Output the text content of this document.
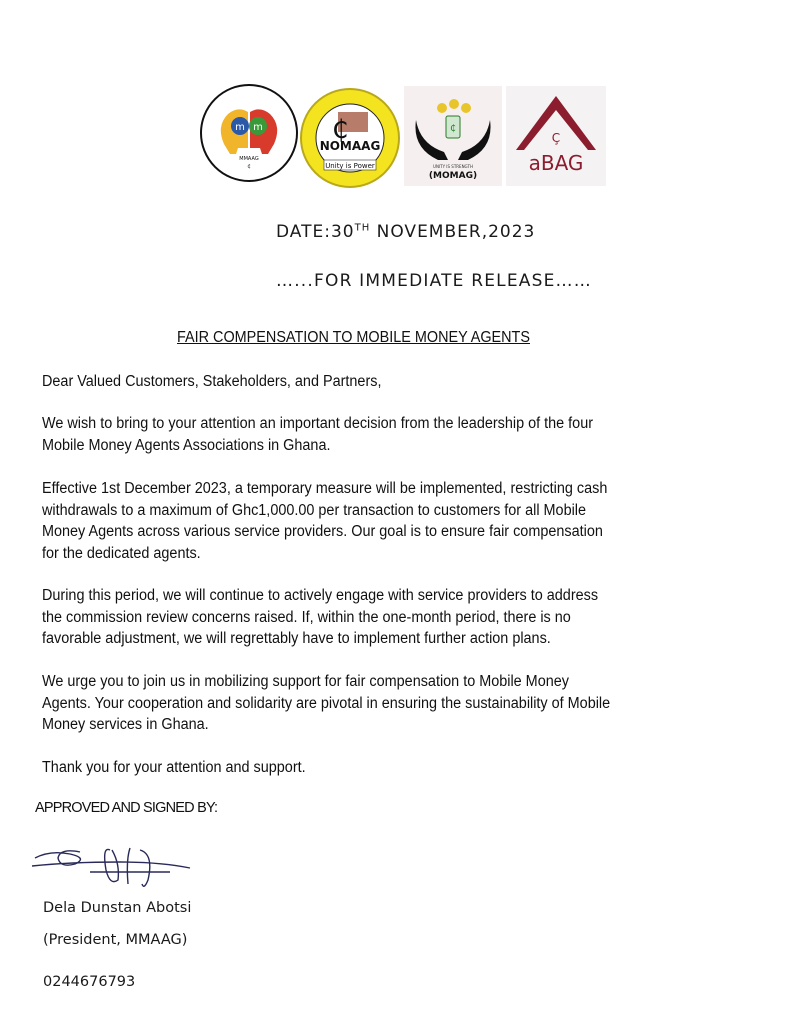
m m
MMAAG
₵
₵
NOMAAG
Unity is Power
₵
UNITY IS STRENGTH
(MOMAG)
Ç
aBAG
DATE:30TH NOVEMBER,2023
…...FOR IMMEDIATE RELEASE……
FAIR COMPENSATION TO MOBILE MONEY AGENTS

Dear Valued Customers, Stakeholders, and Partners,

We wish to bring to your attention an important decision from the leadership of the four

Mobile Money Agents Associations in Ghana.

Effective 1st December 2023, a temporary measure will be implemented, restricting cash

withdrawals to a maximum of Ghc1,000.00 per transaction to customers for all Mobile

Money Agents across various service providers. Our goal is to ensure fair compensation

for the dedicated agents.

During this period, we will continue to actively engage with service providers to address

the commission review concerns raised. If, within the one-month period, there is no

favorable adjustment, we will regrettably have to implement further action plans.

We urge you to join us in mobilizing support for fair compensation to Mobile Money

Agents. Your cooperation and solidarity are pivotal in ensuring the sustainability of Mobile

Money services in Ghana.

Thank you for your attention and support.

APPROVED AND SIGNED BY:
Dela Dunstan Abotsi
(President, MMAAG)
0244676793
